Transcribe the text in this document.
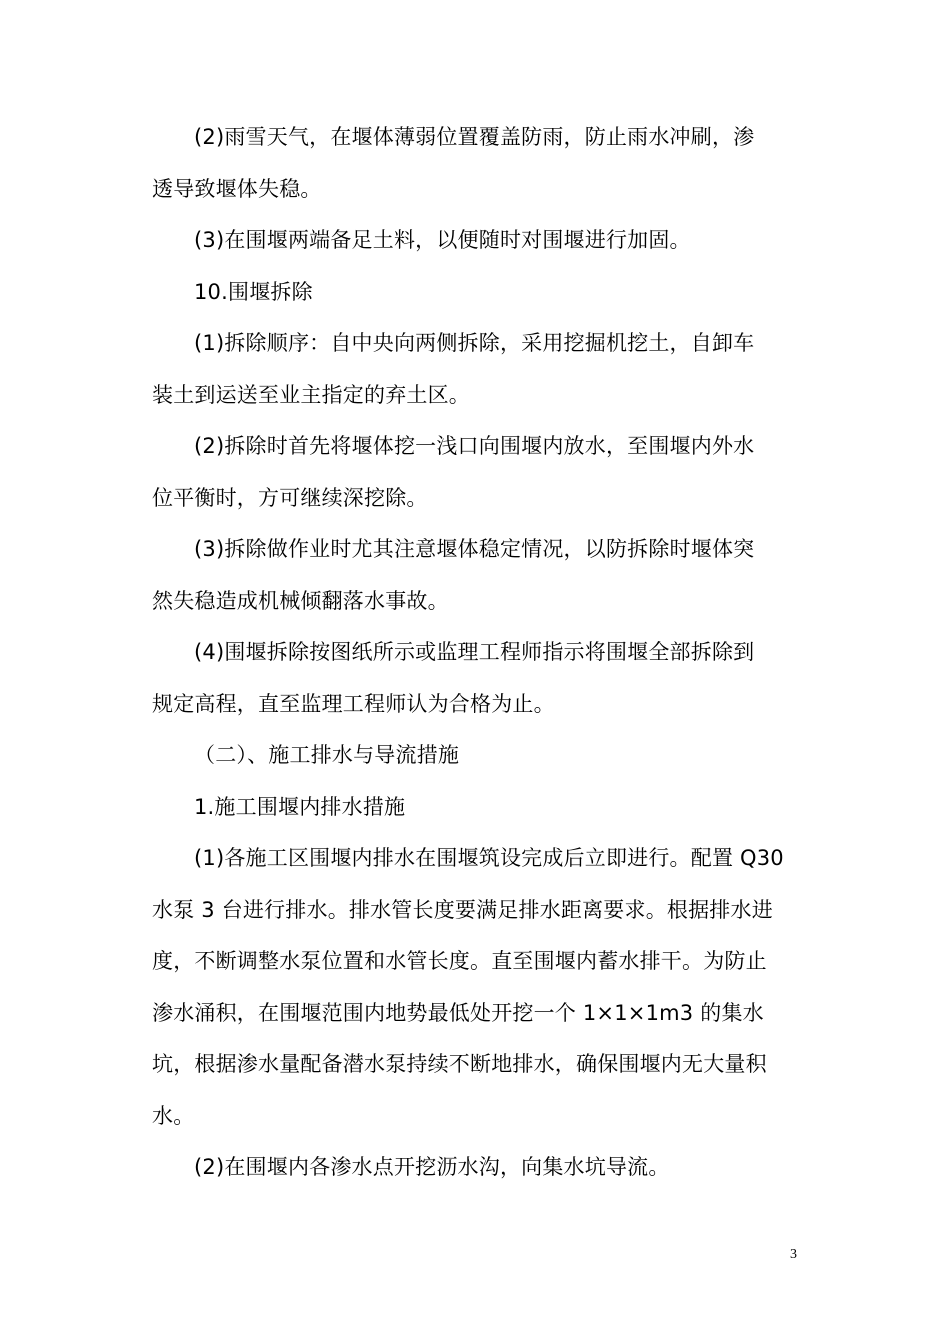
(2)雨雪天气，在堰体薄弱位置覆盖防雨，防止雨水冲刷，渗
透导致堰体失稳。
(3)在围堰两端备足土料，以便随时对围堰进行加固。
10.围堰拆除
(1)拆除顺序：自中央向两侧拆除，采用挖掘机挖土，自卸车
装土到运送至业主指定的弃土区。
(2)拆除时首先将堰体挖一浅口向围堰内放水，至围堰内外水
位平衡时，方可继续深挖除。
(3)拆除做作业时尤其注意堰体稳定情况，以防拆除时堰体突
然失稳造成机械倾翻落水事故。
(4)围堰拆除按图纸所示或监理工程师指示将围堰全部拆除到
规定高程，直至监理工程师认为合格为止。
（二）、施工排水与导流措施
1.施工围堰内排水措施
(1)各施工区围堰内排水在围堰筑设完成后立即进行。配置 Q30
水泵 3 台进行排水。排水管长度要满足排水距离要求。根据排水进
度，不断调整水泵位置和水管长度。直至围堰内蓄水排干。为防止
渗水涌积，在围堰范围内地势最低处开挖一个 1×1×1m3 的集水
坑，根据渗水量配备潜水泵持续不断地排水，确保围堰内无大量积
水。
(2)在围堰内各渗水点开挖沥水沟，向集水坑导流。
3
